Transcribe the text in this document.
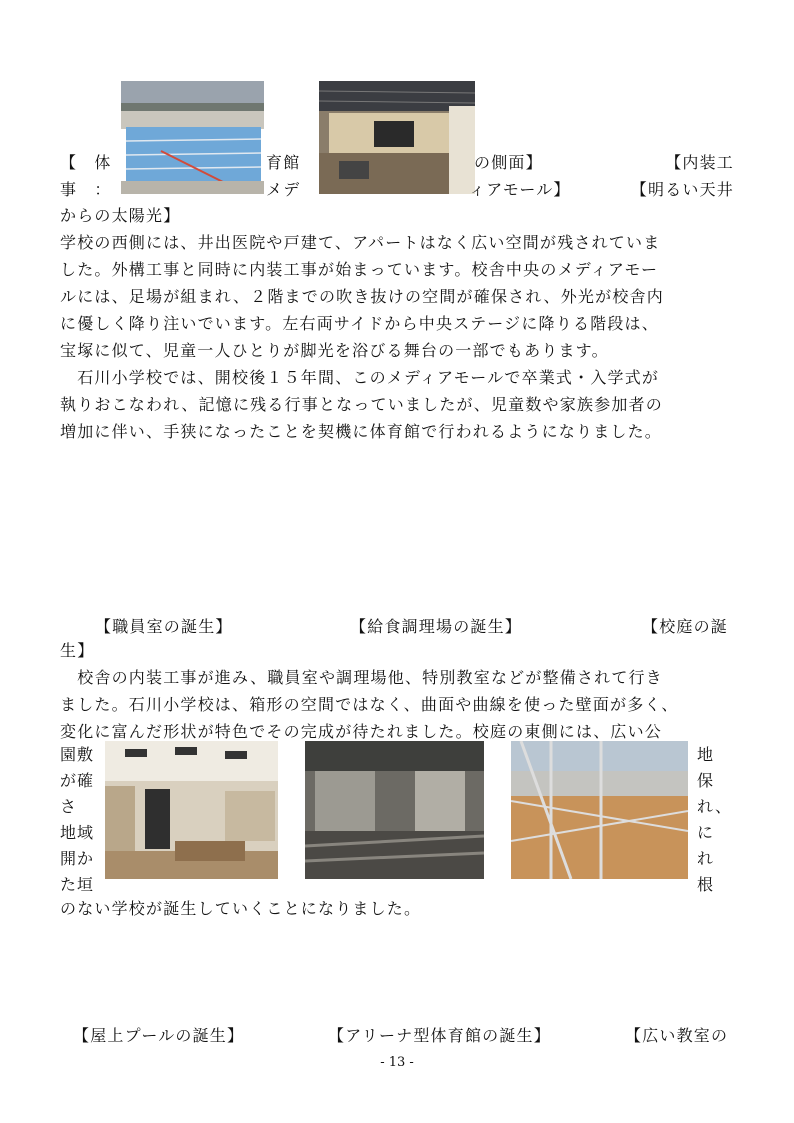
【　体	育館	の側面】	【内装工
事　：	メデ	ィアモール】	【明るい天井
からの太陽光】
学校の西側には、井出医院や戸建て、アパートはなく広い空間が残されていま
した。外構工事と同時に内装工事が始まっています。校舎中央のメディアモー
ルには、足場が組まれ、２階までの吹き抜けの空間が確保され、外光が校舎内
に優しく降り注いでいます。左右両サイドから中央ステージに降りる階段は、
宝塚に似て、児童一人ひとりが脚光を浴びる舞台の一部でもあります。
　石川小学校では、開校後１５年間、このメディアモールで卒業式・入学式が
執りおこなわれ、記憶に残る行事となっていましたが、児童数や家族参加者の
増加に伴い、手狭になったことを契機に体育館で行われるようになりました。
【職員室の誕生】	【給食調理場の誕生】	【校庭の誕
生】
　校舎の内装工事が進み、職員室や調理場他、特別教室などが整備されて行き
ました。石川小学校は、箱形の空間ではなく、曲面や曲線を使った壁面が多く、
変化に富んだ形状が特色でその完成が待たれました。校庭の東側には、広い公
園敷
が確
さ
地域
開か
た垣
地
保
れ、
に
れ
根
のない学校が誕生していくことになりました。
【屋上プールの誕生】	【アリーナ型体育館の誕生】	【広い教室の
- 13 -
